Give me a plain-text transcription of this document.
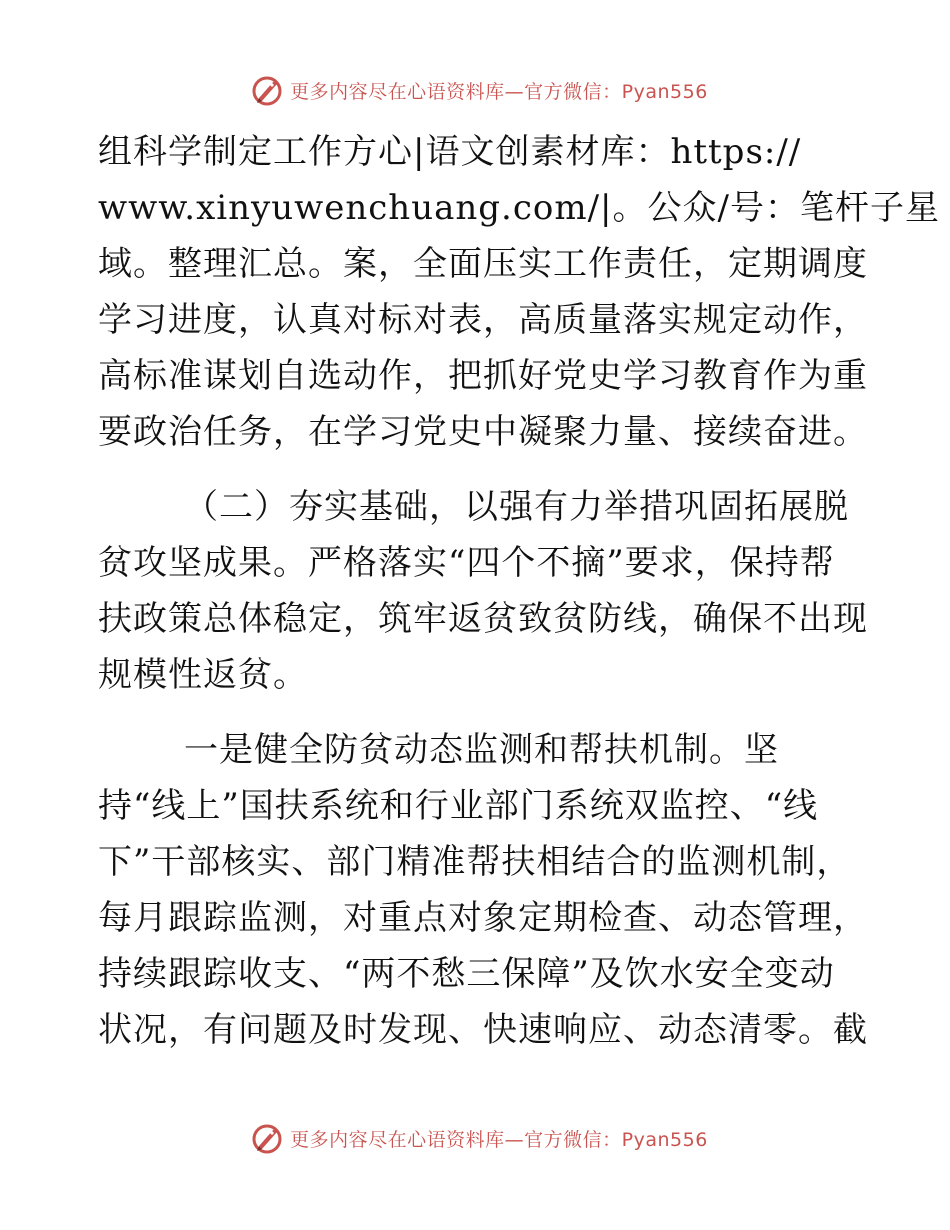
更多内容尽在心语资料库—官方微信：Pyan556
组科学制定工作方心|语文创素材库：https://
www.xinyuwenchuang.com/|。公众/号：笔杆子星
域。整理汇总。案，全面压实工作责任，定期调度
学习进度，认真对标对表，高质量落实规定动作，
高标准谋划自选动作，把抓好党史学习教育作为重
要政治任务，在学习党史中凝聚力量、接续奋进。
（二）夯实基础，以强有力举措巩固拓展脱
贫攻坚成果。严格落实“四个不摘”要求，保持帮
扶政策总体稳定，筑牢返贫致贫防线，确保不出现
规模性返贫。
一是健全防贫动态监测和帮扶机制。坚
持“线上”国扶系统和行业部门系统双监控、“线
下”干部核实、部门精准帮扶相结合的监测机制，
每月跟踪监测，对重点对象定期检查、动态管理，
持续跟踪收支、“两不愁三保障”及饮水安全变动
状况，有问题及时发现、快速响应、动态清零。截
更多内容尽在心语资料库—官方微信：Pyan556
